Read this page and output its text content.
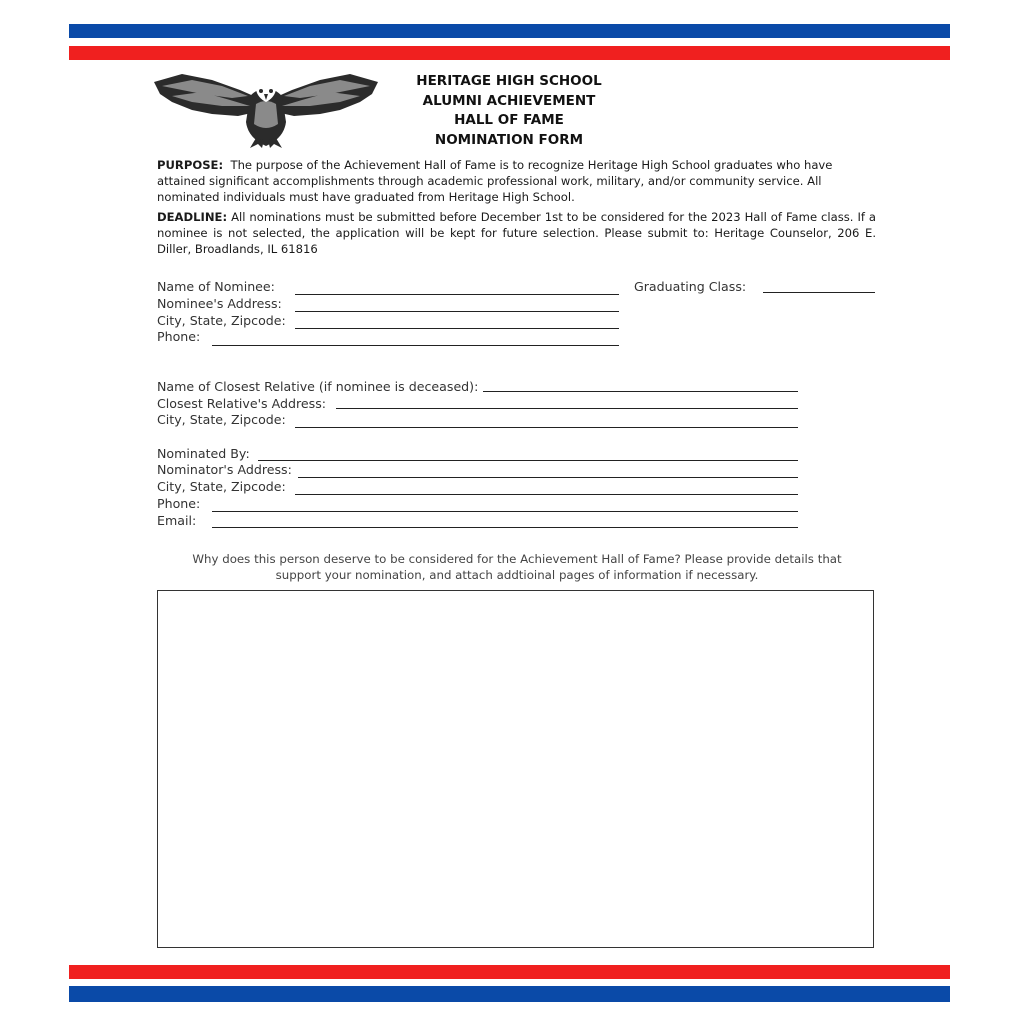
HERITAGE HIGH SCHOOL
ALUMNI ACHIEVEMENT
HALL OF FAME
NOMINATION FORM
PURPOSE: The purpose of the Achievement Hall of Fame is to recognize Heritage High School graduates who have attained significant accomplishments through academic professional work, military, and/or community service. All nominated individuals must have graduated from Heritage High School.
DEADLINE: All nominations must be submitted before December 1st to be considered for the 2023 Hall of Fame class. If a nominee is not selected, the application will be kept for future selection. Please submit to: Heritage Counselor, 206 E. Diller, Broadlands, IL 61816
Name of Nominee:	Graduating Class:
Nominee's Address:
City, State, Zipcode:
Phone:
Name of Closest Relative (if nominee is deceased):
Closest Relative's Address:
City, State, Zipcode:
Nominated By:
Nominator's Address:
City, State, Zipcode:
Phone:
Email:
Why does this person deserve to be considered for the Achievement Hall of Fame? Please provide details that support your nomination, and attach addtioinal pages of information if necessary.
